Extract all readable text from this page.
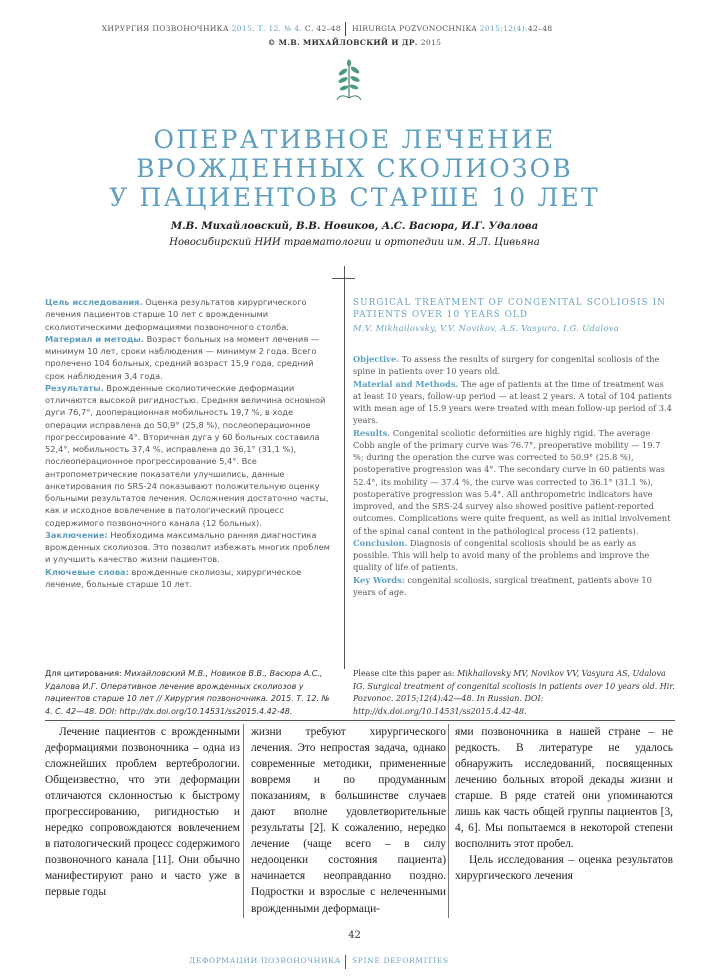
ХИРУРГИЯ ПОЗВОНОЧНИКА 2015. Т. 12. № 4. С. 42–48 HIRURGIA POZVONOCHNIKA 2015;12(4):42–48
© М.В. МИХАЙЛОВСКИЙ И ДР. 2015
ОПЕРАТИВНОЕ ЛЕЧЕНИЕ
ВРОЖДЕННЫХ СКОЛИОЗОВ
У ПАЦИЕНТОВ СТАРШЕ 10 ЛЕТ
М.В. Михайловский, В.В. Новиков, А.С. Васюра, И.Г. Удалова
Новосибирский НИИ травматологии и ортопедии им. Я.Л. Цивьяна

Цель исследования. Оценка результатов хирургического лечения пациентов старше 10 лет с врожденными сколиотическими деформациями позвоночного столба.

Материал и методы. Возраст больных на момент лечения — минимум 10 лет, сроки наблюдения — минимум 2 года. Всего пролечено 104 больных, средний возраст 15,9 года, средний срок наблюдения 3,4 года.

Результаты. Врожденные сколиотические деформации отличаются высокой ригидностью. Средняя величина основной дуги 76,7°, дооперационная мобильность 19,7 %, в ходе операции исправлена до 50,9° (25,8 %), послеоперационное прогрессирование 4°. Вторичная дуга у 60 больных составила 52,4°, мобильность 37,4 %, исправлена до 36,1° (31,1 %), послеоперационное прогрессирование 5,4°. Все антропометрические показатели улучшились, данные анкетирования по SRS-24 показывают положительную оценку больными результатов лечения. Осложнения достаточно часты, как и исходное вовлечение в патологический процесс содержимого позвоночного канала (12 больных).

Заключение: Необходима максимально ранняя диагностика врожденных сколиозов. Это позволит избежать многих проблем и улучшить качество жизни пациентов.

Ключевые слова: врожденные сколиозы, хирургическое лечение, больные старше 10 лет.

SURGICAL TREATMENT OF CONGENITAL SCOLIOSIS IN PATIENTS OVER 10 YEARS OLD
M.V. Mikhailovsky, V.V. Novikov, A.S. Vasyura, I.G. Udalova

Objective. To assess the results of surgery for congenital scoliosis of the spine in patients over 10 years old.

Material and Methods. The age of patients at the time of treatment was at least 10 years, follow-up period — at least 2 years. A total of 104 patients with mean age of 15.9 years were treated with mean follow-up period of 3.4 years.

Results. Congenital scoliotic deformities are highly rigid. The average Cobb angle of the primary curve was 76.7°, preoperative mobility — 19.7 %; during the operation the curve was corrected to 50.9° (25.8 %), postoperative progression was 4°. The secondary curve in 60 patients was 52.4°, its mobility — 37.4 %, the curve was corrected to 36.1° (31.1 %), postoperative progression was 5.4°. All anthropometric indicators have improved, and the SRS-24 survey also showed positive patient-reported outcomes. Complications were quite frequent, as well as initial involvement of the spinal canal content in the pathological process (12 patients).

Conclusion. Diagnosis of congenital scoliosis should be as early as possible. This will help to avoid many of the problems and improve the quality of life of patients.

Key Words: congenital scoliosis, surgical treatment, patients above 10 years of age.

Для цитирования: Михайловский М.В., Новиков В.В., Васюра А.С., Удалова И.Г. Оперативное лечение врожденных сколиозов у пациентов старше 10 лет // Хирургия позвоночника. 2015. Т. 12. № 4. С. 42—48. DOI: http://dx.doi.org/10.14531/ss2015.4.42-48.
Please cite this paper as: Mikhailovsky MV, Novikov VV, Vasyura AS, Udalova IG. Surgical treatment of congenital scoliosis in patients over 10 years old. Hir. Pozvonoc. 2015;12(4):42—48. In Russian. DOI: http://dx.doi.org/10.14531/ss2015.4.42-48.

Лечение пациентов с врожденными деформациями позвоночника – одна из сложнейших проблем вертебрологии. Общеизвестно, что эти деформации отличаются склонностью к быстрому прогрессированию, ригидностью и нередко сопровождаются вовлечением в патологический процесс содержимого позвоночного канала [11]. Они обычно манифестируют рано и часто уже в первые годы

жизни требуют хирургического лечения. Это непростая задача, однако современные методики, примененные вовремя и по продуманным показаниям, в большинстве случаев дают вполне удовлетворительные результаты [2]. К сожалению, нередко лечение (чаще всего – в силу недооценки состояния пациента) начинается неоправданно поздно. Подростки и взрослые с нелеченными врожденными деформаци-

ями позвоночника в нашей стране – не редкость. В литературе не удалось обнаружить исследований, посвященных лечению больных второй декады жизни и старше. В ряде статей они упоминаются лишь как часть общей группы пациентов [3, 4, 6]. Мы попытаемся в некоторой степени восполнить этот пробел.

Цель исследования – оценка результатов хирургического лечения

42
ДЕФОРМАЦИИ ПОЗВОНОЧНИКА SPINE DEFORMITIES
